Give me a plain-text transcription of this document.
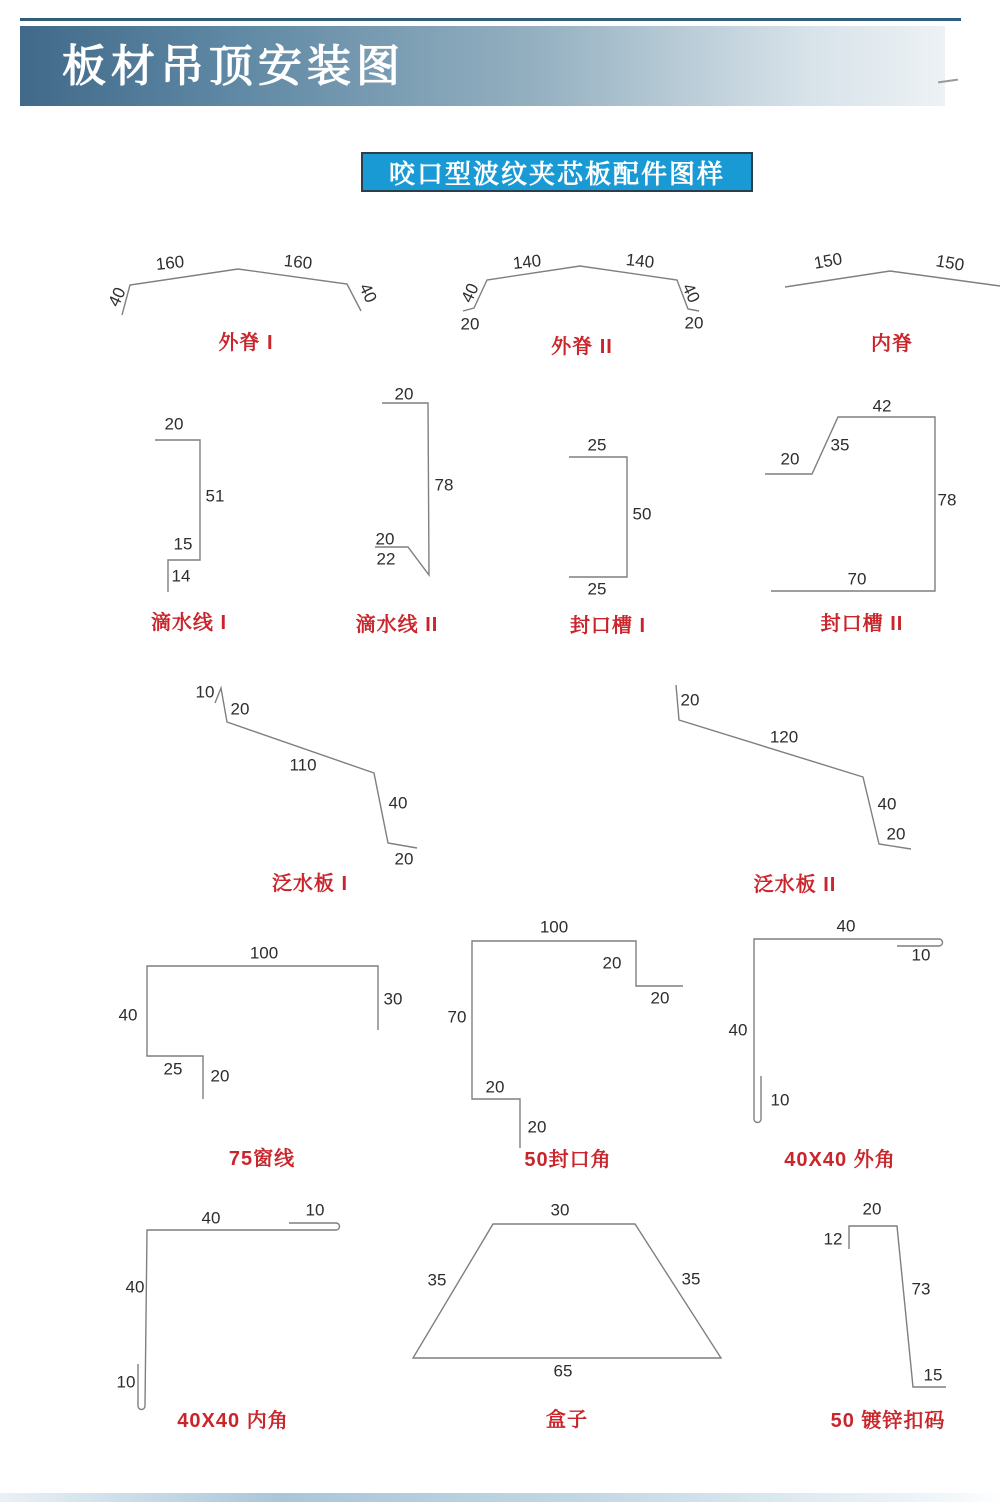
板材吊顶安装图
咬口型波纹夹芯板配件图样
160	160
40	40
外脊 I
140	140
40	40
20	20
外脊 II
150	150
内脊
20
51
15
14
滴水线 I
20
78
20
22
滴水线 II
25
50
25
封口槽 I
42
35
20
78
70
封口槽 II
10
20
110
40
20
泛水板 I
20
120
40
20
泛水板 II
100
30
40
25 20
75窗线
100
20
20
70
20
20
50封口角
40
10
40
10
40X40 外角
40	10
40
10
40X40 内角
30
35	35
65
盒子
20
12
73
15
50 镀锌扣码
